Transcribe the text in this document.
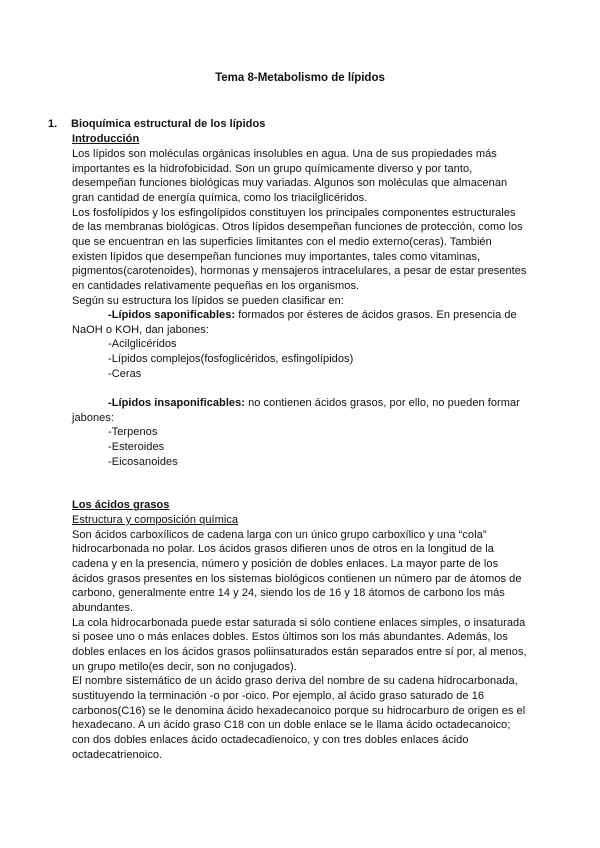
Tema 8-Metabolismo de lípidos
1. Bioquímica estructural de los lípidos
Introducción
Los lípidos son moléculas orgánicas insolubles en agua. Una de sus propiedades más
importantes es la hidrofobicidad. Son un grupo químicamente diverso y por tanto,
desempeñan funciones biológicas muy variadas. Algunos son moléculas que almacenan
gran cantidad de energía química, como los triacilglicéridos.
Los fosfolípidos y los esfingolípidos constituyen los principales componentes estructurales
de las membranas biológicas. Otros lípidos desempeñan funciones de protección, como los
que se encuentran en las superficies limitantes con el medio externo(ceras). También
existen lípidos que desempeñan funciones muy importantes, tales como vitaminas,
pigmentos(carotenoides), hormonas y mensajeros intracelulares, a pesar de estar presentes
en cantidades relativamente pequeñas en los organismos.
Según su estructura los lípidos se pueden clasificar en:
-Lípidos saponificables: formados por ésteres de ácidos grasos. En presencia de
NaOH o KOH, dan jabones:
-Acilglicéridos
-Lípidos complejos(fosfoglicéridos, esfingolípidos)
-Ceras
-Lípidos insaponificables: no contienen ácidos grasos, por ello, no pueden formar
jabones:
-Terpenos
-Esteroides
-Eicosanoides
Los ácidos grasos
Estructura y composición química
Son ácidos carboxílicos de cadena larga con un único grupo carboxílico y una “cola”
hidrocarbonada no polar. Los ácidos grasos difieren unos de otros en la longitud de la
cadena y en la presencia, número y posición de dobles enlaces. La mayor parte de los
ácidos grasos presentes en los sistemas biológicos contienen un número par de átomos de
carbono, generalmente entre 14 y 24, siendo los de 16 y 18 átomos de carbono los más
abundantes.
La cola hidrocarbonada puede estar saturada si sólo contiene enlaces simples, o insaturada
si posee uno o más enlaces dobles. Estos últimos son los más abundantes. Además, los
dobles enlaces en los ácidos grasos poliinsaturados están separados entre sí por, al menos,
un grupo metilo(es decir, son no conjugados).
El nombre sistemático de un ácido graso deriva del nombre de su cadena hidrocarbonada,
sustituyendo la terminación -o por -oico. Por ejemplo, al ácido graso saturado de 16
carbonos(C16) se le denomina ácido hexadecanoico porque su hidrocarburo de origen es el
hexadecano. A un ácido graso C18 con un doble enlace se le llama ácido octadecanoico;
con dos dobles enlaces ácido octadecadienoico, y con tres dobles enlaces ácido
octadecatrienoico.
